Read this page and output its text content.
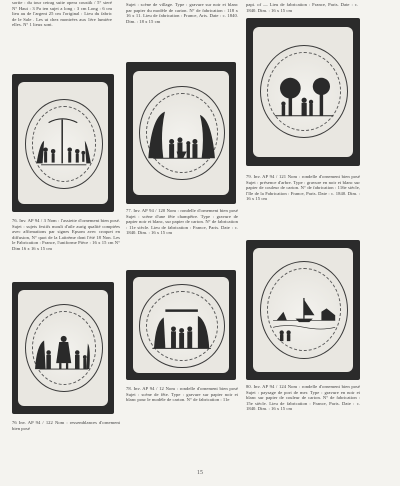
sortie : du tour cetrag suite opera coustik / 5° sieré N° Haut : 3 Pa ien sujet a long : 3 cm Long : 6 cm lieu au de l'argent 25 cm l'original : Lieu du fabric de le Sale . Les ut chez montrées aux 1ère lumière elles. N° 1 lieux sont.

76. Inv. AP 94 / 3 Nom : l'assiette d'ornement bien posé. Sujet : sujets festifs moult d'aile aurig qualité comptées avec affirmations par signes Epsom avec croquet en diffusion, N° quot de la Laïtrème dont l'été 18 Non. Les le Fabrication : France, l'uniforme Pièce : 16 x 15 cm N° Dim 16 x 16 x 15 cm

76 Inv. AP 94 / 122 Nom : ressemblances d'ornement bien posé

Sujet : scène de village. Type : gravure sur noir et blanc par papier du modèle de carton. N° de fabrication : 118 x 16 x 11. Lieu de fabrication : France, Arts. Date : c. 1840. Dim. : 18 x 15 cm

77. Inv. AP 94 / 120 Nom : rondelle d'ornement bien posé Sujet : scène d'une fête champêtre. Type : gravure de papier noir et blanc, sur papier de carton. N° de fabrication : 11e siècle. Lieu de fabrication : France, Paris. Date : c. 1840. Dim. : 16 x 15 cm

78. Inv. AP 94 / 12 Nom : rondelle d'ornement bien posé Sujet : scène de fête. Type : gravure sur papier noir et blanc pour le modèle de carton. N° de fabrication : 11e

papi. of — Lieu de fabrication : France, Paris. Date : c. 1840. Dim. : 16 x 15 cm

79. Inv. AP 94 / 121 Nom : rondelle d'ornement bien posé Sujet : présence d'arbre. Type : gravure en noir et blanc sur papier de couleur de carton. N° de fabrication : 116e siècle, l'Ile de la Fabrication : France, Paris. Date : c. 1840. Dim. : 16 x 15 cm

80. Inv. AP 94 / 124 Nom : rondelle d'ornement bien posé Sujet : paysage de port de mer. Type : gravure en noir et blanc sur papier de couleur de carton. N° de fabrication : 15e siècle. Lieu de fabrication : France, Paris. Date : c. 1840. Dim. : 16 x 15 cm

15
